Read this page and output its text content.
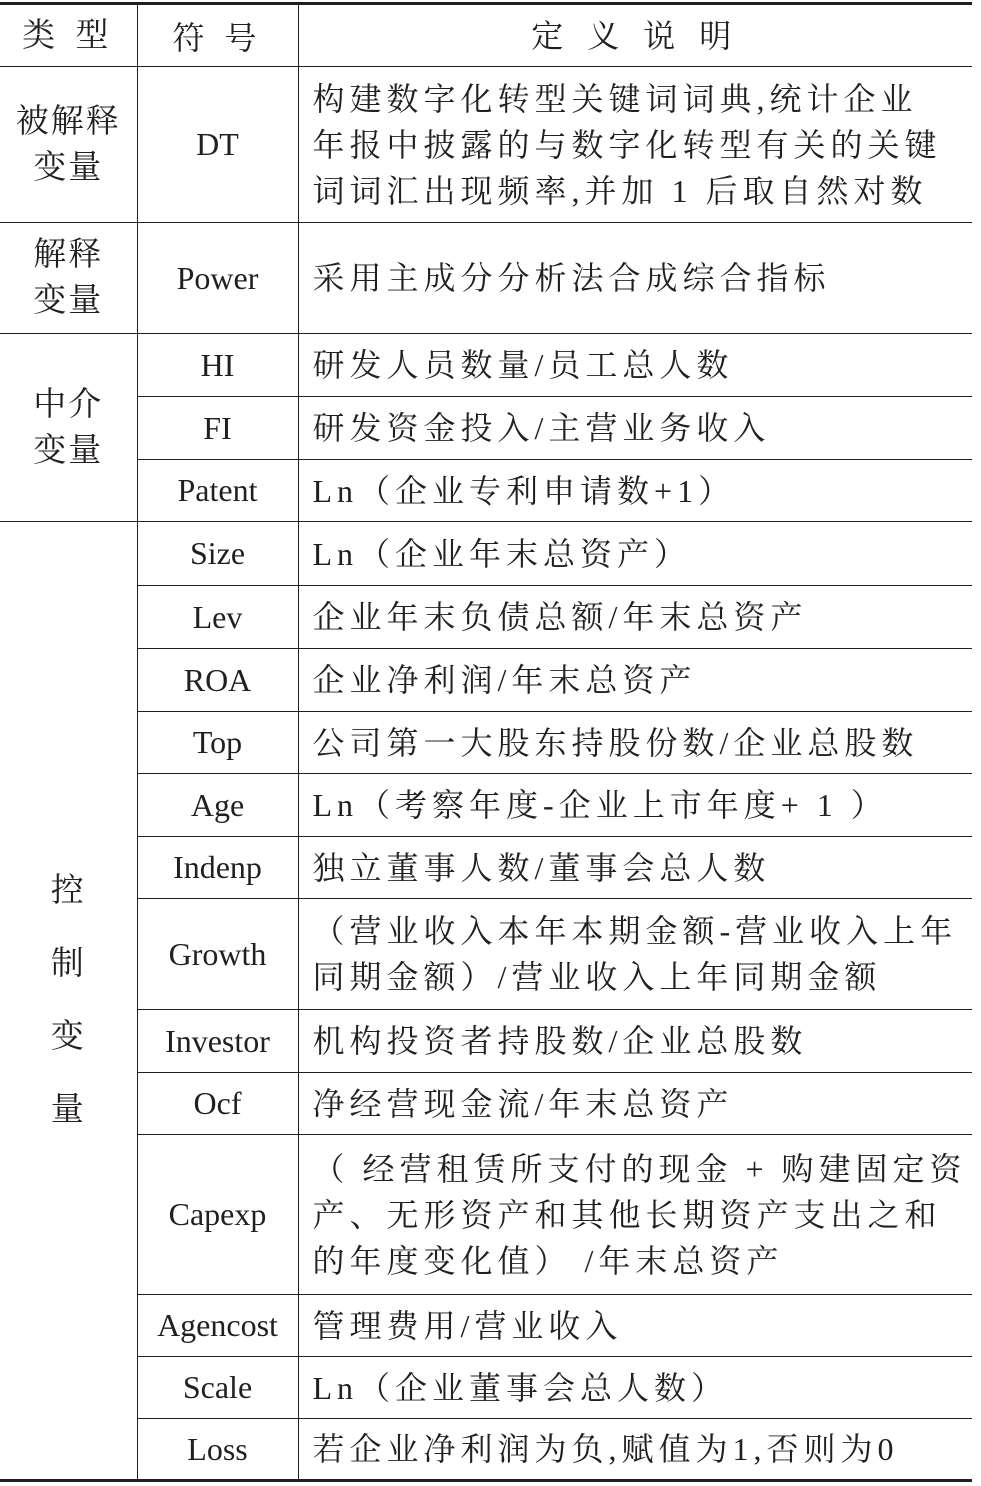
类 型	符 号	定 义 说 明

被解释
变量	DT	构建数字化转型关键词词典,统计企业
年报中披露的与数字化转型有关的关键
词词汇出现频率,并加 1 后取自然对数

解释
变量	Power	采用主成分分析法合成综合指标

中介
变量	HI	研发人员数量/员工总人数

	FI	研发资金投入/主营业务收入

	Patent	Ln（企业专利申请数+1）

控
制
变
量	Size	Ln（企业年末总资产）

	Lev	企业年末负债总额/年末总资产

	ROA	企业净利润/年末总资产

	Top	公司第一大股东持股份数/企业总股数

	Age	Ln（考察年度-企业上市年度+ 1 ）

	Indenp	独立董事人数/董事会总人数

	Growth	（营业收入本年本期金额-营业收入上年
同期金额）/营业收入上年同期金额

	Investor	机构投资者持股数/企业总股数

	Ocf	净经营现金流/年末总资产

	Capexp	（ 经营租赁所支付的现金 + 购建固定资
产、无形资产和其他长期资产支出之和
的年度变化值） /年末总资产

	Agencost	管理费用/营业收入

	Scale	Ln（企业董事会总人数）

	Loss	若企业净利润为负,赋值为1,否则为0
